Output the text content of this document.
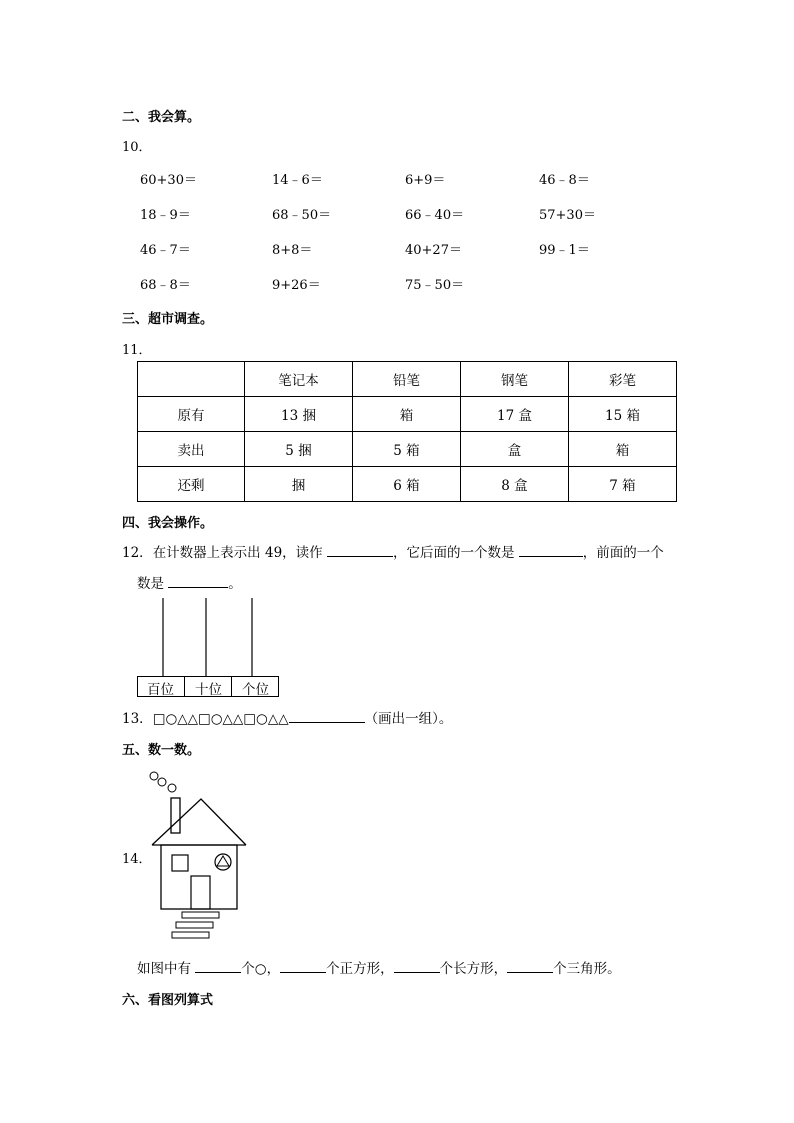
二、我会算。
10．
60+30＝	14﹣6＝	6+9＝	46﹣8＝
18﹣9＝	68﹣50＝	66﹣40＝	57+30＝
46﹣7＝	8+8＝	40+27＝	99﹣1＝
68﹣8＝	9+26＝	75﹣50＝
三、超市调查。
11．
	笔记本	铅笔	钢笔	彩笔
原有	13 捆	箱	17 盒	15 箱
卖出	5 捆	5 箱	盒	箱
还剩	捆	6 箱	8 盒	7 箱
四、我会操作。
12．在计数器上表示出 49，读作	，它后面的一个数是	，前面的一个
数是	。
百位	十位	个位
13．□○△△□○△△□○△△	（画出一组）。
五、数一数。
14．
如图中有	个○，	个正方形，	个长方形，	个三角形。
六、看图列算式
